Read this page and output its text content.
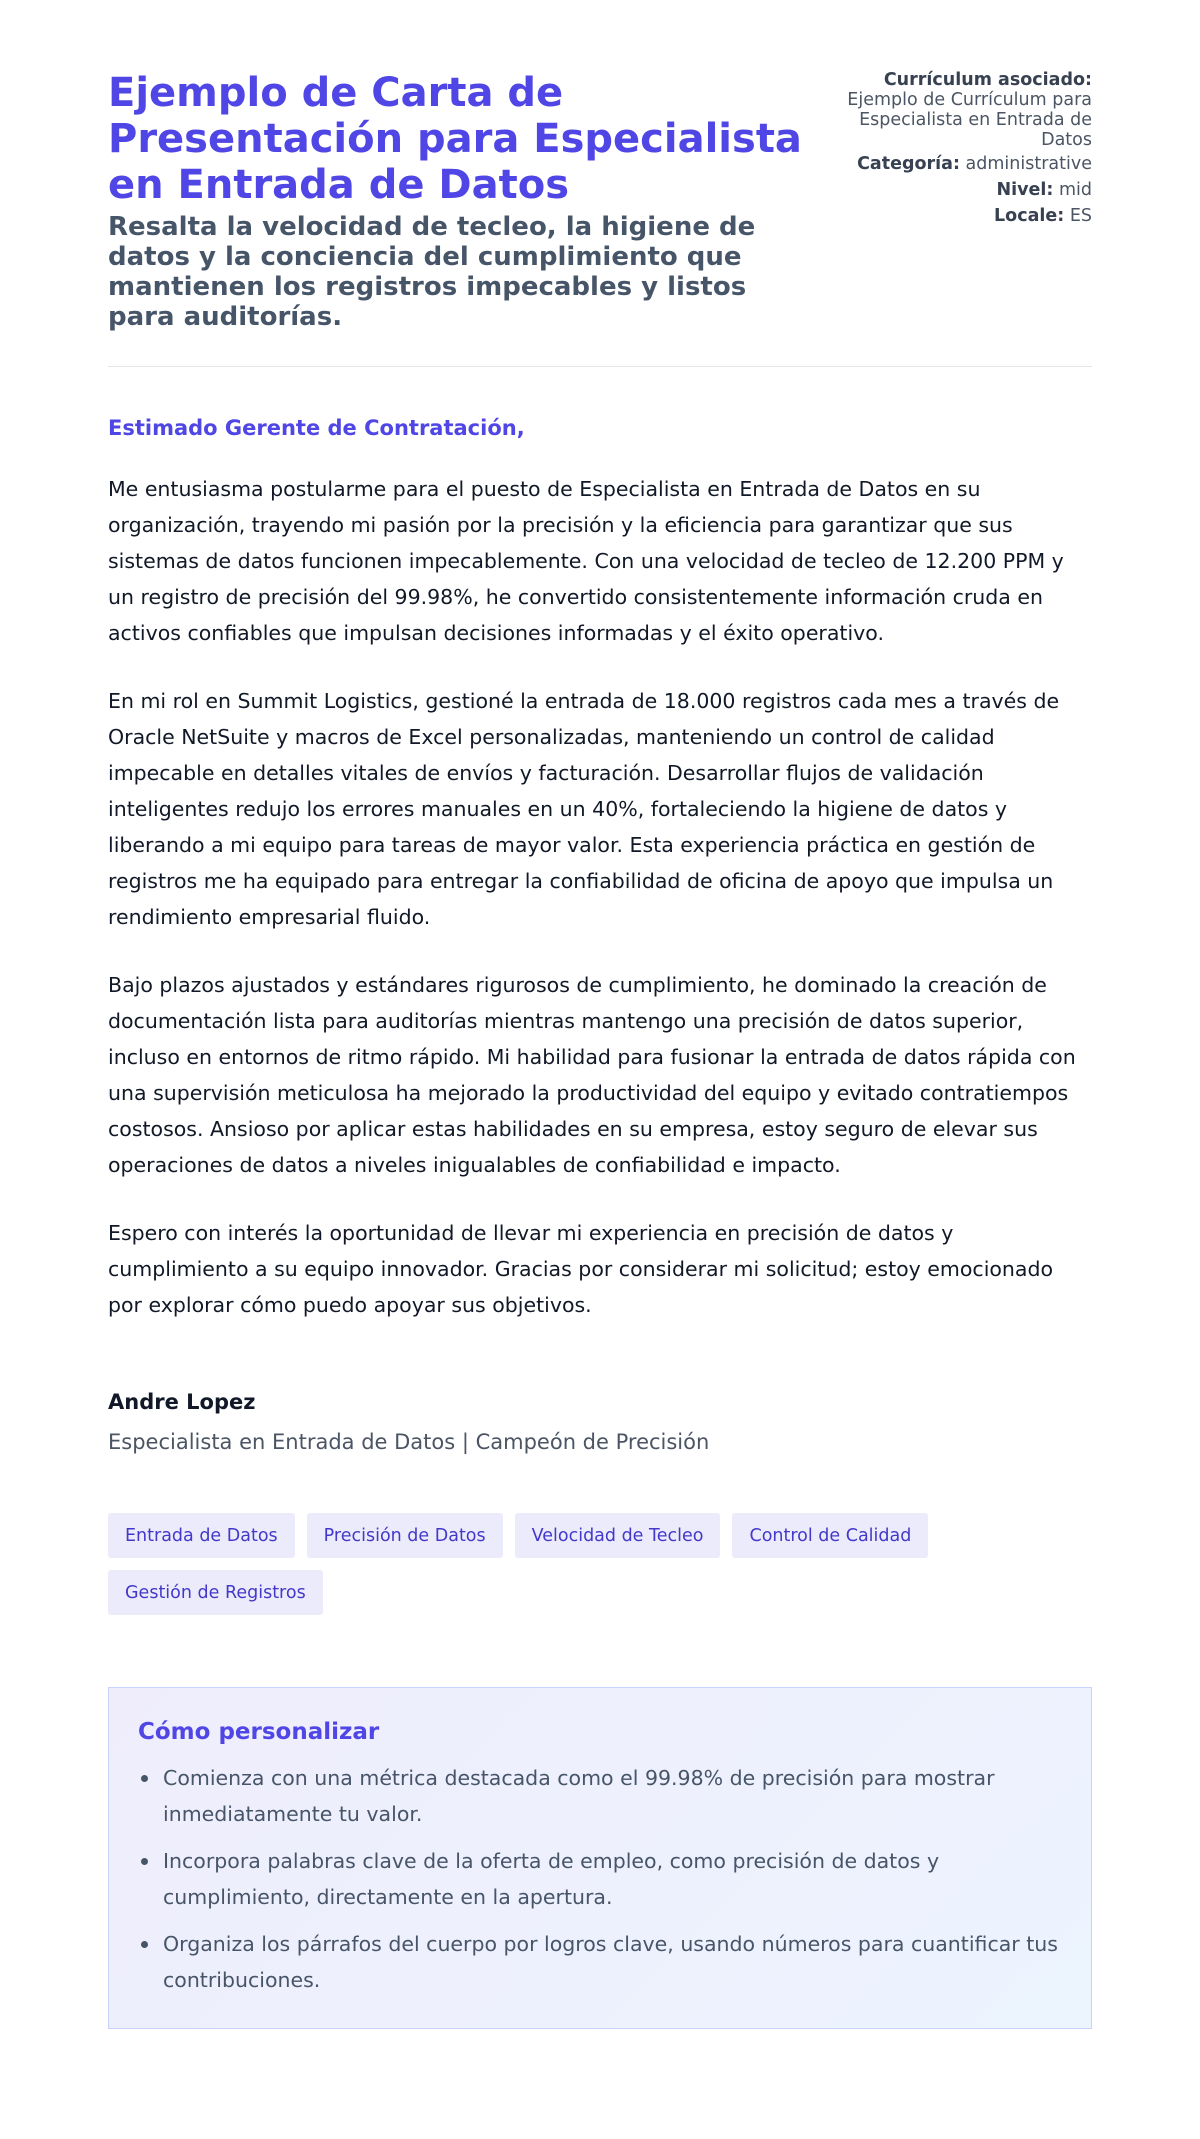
Ejemplo de Carta de Presentación para Especialista en Entrada de Datos
Resalta la velocidad de tecleo, la higiene de datos y la conciencia del cumplimiento que mantienen los registros impecables y listos para auditorías.
Currículum asociado:
Ejemplo de Currículum para Especialista en Entrada de Datos
Categoría: administrative
Nivel: mid
Locale: ES

Estimado Gerente de Contratación,

Me entusiasma postularme para el puesto de Especialista en Entrada de Datos en su organización, trayendo mi pasión por la precisión y la eficiencia para garantizar que sus sistemas de datos funcionen impecablemente. Con una velocidad de tecleo de 12.200 PPM y un registro de precisión del 99.98%, he convertido consistentemente información cruda en activos confiables que impulsan decisiones informadas y el éxito operativo.

En mi rol en Summit Logistics, gestioné la entrada de 18.000 registros cada mes a través de Oracle NetSuite y macros de Excel personalizadas, manteniendo un control de calidad impecable en detalles vitales de envíos y facturación. Desarrollar flujos de validación inteligentes redujo los errores manuales en un 40%, fortaleciendo la higiene de datos y liberando a mi equipo para tareas de mayor valor. Esta experiencia práctica en gestión de registros me ha equipado para entregar la confiabilidad de oficina de apoyo que impulsa un rendimiento empresarial fluido.

Bajo plazos ajustados y estándares rigurosos de cumplimiento, he dominado la creación de documentación lista para auditorías mientras mantengo una precisión de datos superior, incluso en entornos de ritmo rápido. Mi habilidad para fusionar la entrada de datos rápida con una supervisión meticulosa ha mejorado la productividad del equipo y evitado contratiempos costosos. Ansioso por aplicar estas habilidades en su empresa, estoy seguro de elevar sus operaciones de datos a niveles inigualables de confiabilidad e impacto.

Espero con interés la oportunidad de llevar mi experiencia en precisión de datos y cumplimiento a su equipo innovador. Gracias por considerar mi solicitud; estoy emocionado por explorar cómo puedo apoyar sus objetivos.

Andre Lopez
Especialista en Entrada de Datos | Campeón de Precisión
Entrada de Datos	Precisión de Datos	Velocidad de Tecleo	Control de Calidad
Gestión de Registros
Cómo personalizar
Comienza con una métrica destacada como el 99.98% de precisión para mostrar inmediatamente tu valor.
Incorpora palabras clave de la oferta de empleo, como precisión de datos y cumplimiento, directamente en la apertura.
Organiza los párrafos del cuerpo por logros clave, usando números para cuantificar tus contribuciones.
